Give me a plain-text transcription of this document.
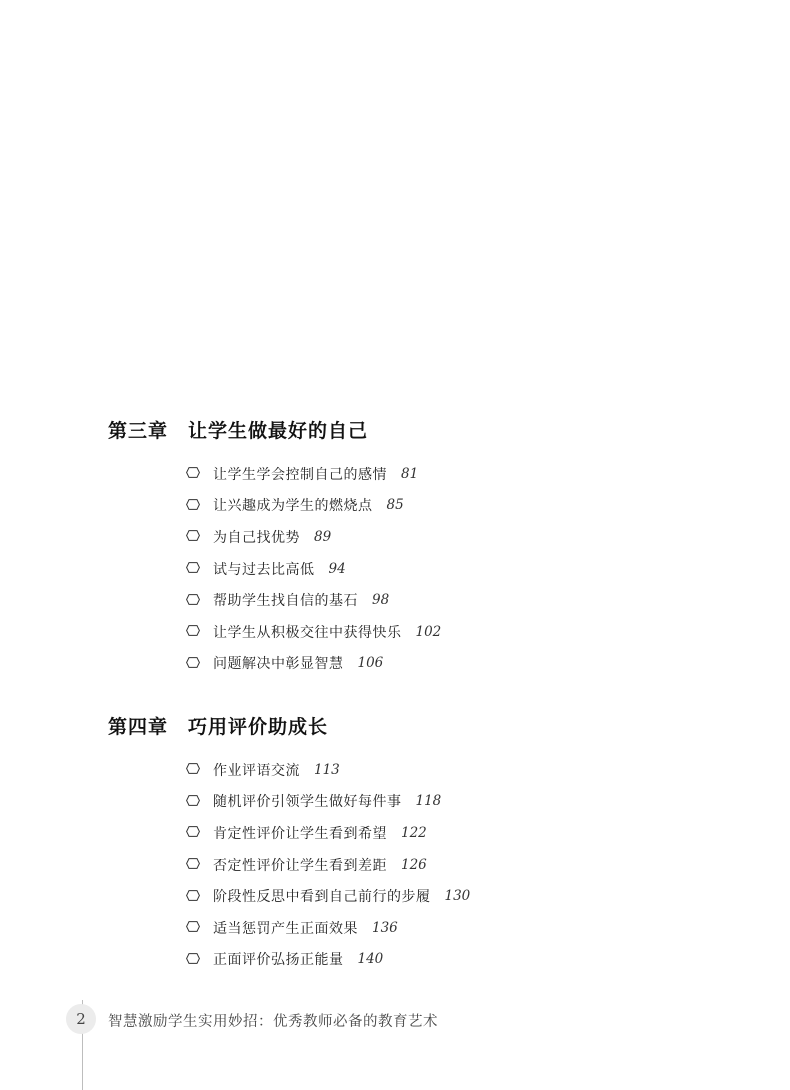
第三章 让学生做最好的自己
让学生学会控制自己的感情 81
让兴趣成为学生的燃烧点 85
为自己找优势 89
试与过去比高低 94
帮助学生找自信的基石 98
让学生从积极交往中获得快乐 102
问题解决中彰显智慧 106
第四章 巧用评价助成长
作业评语交流 113
随机评价引领学生做好每件事 118
肯定性评价让学生看到希望 122
否定性评价让学生看到差距 126
阶段性反思中看到自己前行的步履 130
适当惩罚产生正面效果 136
正面评价弘扬正能量 140
2 智慧激励学生实用妙招：优秀教师必备的教育艺术
